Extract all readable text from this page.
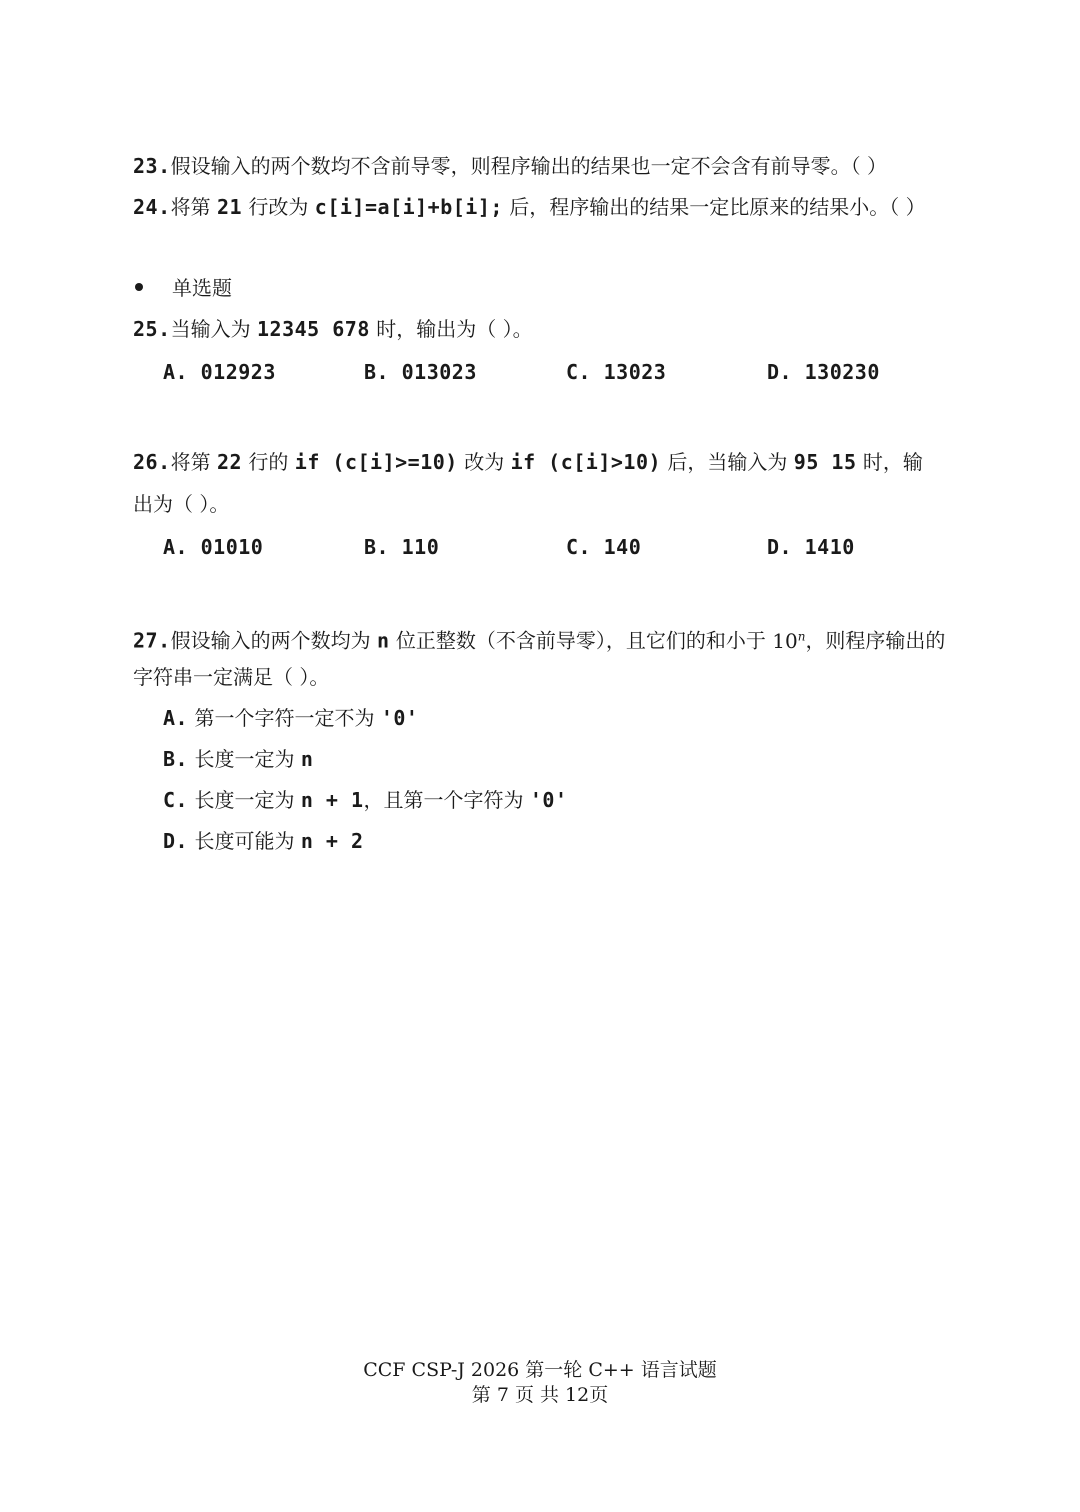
23.假设输入的两个数均不含前导零，则程序输出的结果也一定不会含有前导零。（ ）
24.将第 21 行改为 c[i]=a[i]+b[i]; 后，程序输出的结果一定比原来的结果小。（ ）
单选题
25.当输入为 12345 678 时，输出为（ ）。
A. 012923	B. 013023	C. 13023	D. 130230
26.将第 22 行的 if (c[i]>=10) 改为 if (c[i]>10) 后，当输入为 95 15 时，输
出为（ ）。
A. 01010	B. 110	C. 140	D. 1410
27.假设输入的两个数均为 n 位正整数（不含前导零），且它们的和小于 10$^n$，则程序输出的
字符串一定满足（ ）。
A. 第一个字符一定不为 '0'
B. 长度一定为 n
C. 长度一定为 n + 1，且第一个字符为 '0'
D. 长度可能为 n + 2
CCF CSP-J 2026 第一轮 C++ 语言试题
第 7 页 共 12页
